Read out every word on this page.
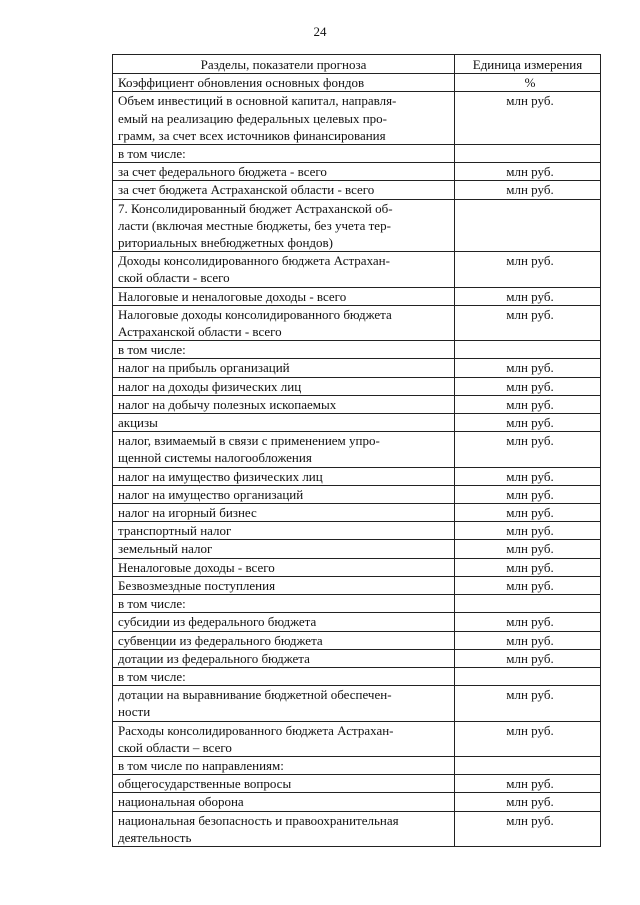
24
Разделы, показатели прогноза	Единица измерения
Коэффициент обновления основных фондов	%
Объем инвестиций в основной капитал, направля-
емый на реализацию федеральных целевых про-
грамм, за счет всех источников финансирования	млн руб.
в том числе:	
за счет федерального бюджета - всего	млн руб.
за счет бюджета Астраханской области - всего	млн руб.
7. Консолидированный бюджет Астраханской об-
ласти (включая местные бюджеты, без учета тер-
риториальных внебюджетных фондов)	
Доходы консолидированного бюджета Астрахан-
ской области - всего	млн руб.
Налоговые и неналоговые доходы - всего	млн руб.
Налоговые доходы консолидированного бюджета
Астраханской области - всего	млн руб.
в том числе:	
налог на прибыль организаций	млн руб.
налог на доходы физических лиц	млн руб.
налог на добычу полезных ископаемых	млн руб.
акцизы	млн руб.
налог, взимаемый в связи с применением упро-
щенной системы налогообложения	млн руб.
налог на имущество физических лиц	млн руб.
налог на имущество организаций	млн руб.
налог на игорный бизнес	млн руб.
транспортный налог	млн руб.
земельный налог	млн руб.
Неналоговые доходы - всего	млн руб.
Безвозмездные поступления	млн руб.
в том числе:	
субсидии из федерального бюджета	млн руб.
субвенции из федерального бюджета	млн руб.
дотации из федерального бюджета	млн руб.
в том числе:	
дотации на выравнивание бюджетной обеспечен-
ности	млн руб.
Расходы консолидированного бюджета Астрахан-
ской области – всего	млн руб.
в том числе по направлениям:	
общегосударственные вопросы	млн руб.
национальная оборона	млн руб.
национальная безопасность и правоохранительная
деятельность	млн руб.
